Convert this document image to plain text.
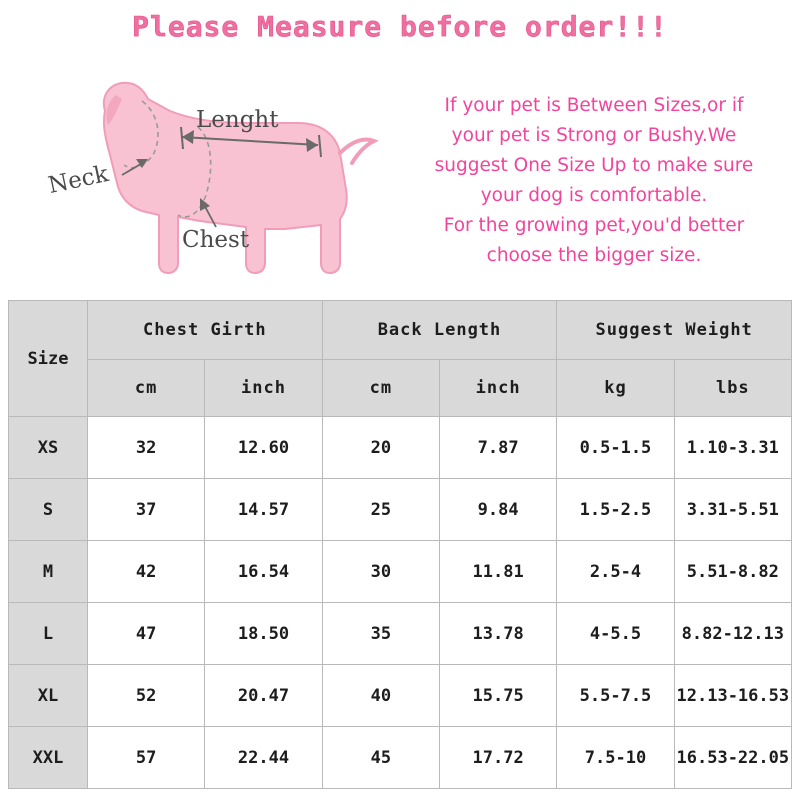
Please Measure before order!!!
Neck
Lenght
Chest
If your pet is Between Sizes,or if
your pet is Strong or Bushy.We
suggest One Size Up to make sure
your dog is comfortable.
For the growing pet,you'd better
choose the bigger size.
Size	Chest Girth		Back Length		Suggest Weight	
	cm	inch	cm	inch	kg	lbs
XS	32	12.60	20	7.87	0.5-1.5	1.10-3.31
S	37	14.57	25	9.84	1.5-2.5	3.31-5.51
M	42	16.54	30	11.81	2.5-4	5.51-8.82
L	47	18.50	35	13.78	4-5.5	8.82-12.13
XL	52	20.47	40	15.75	5.5-7.5	12.13-16.53
XXL	57	22.44	45	17.72	7.5-10	16.53-22.05
